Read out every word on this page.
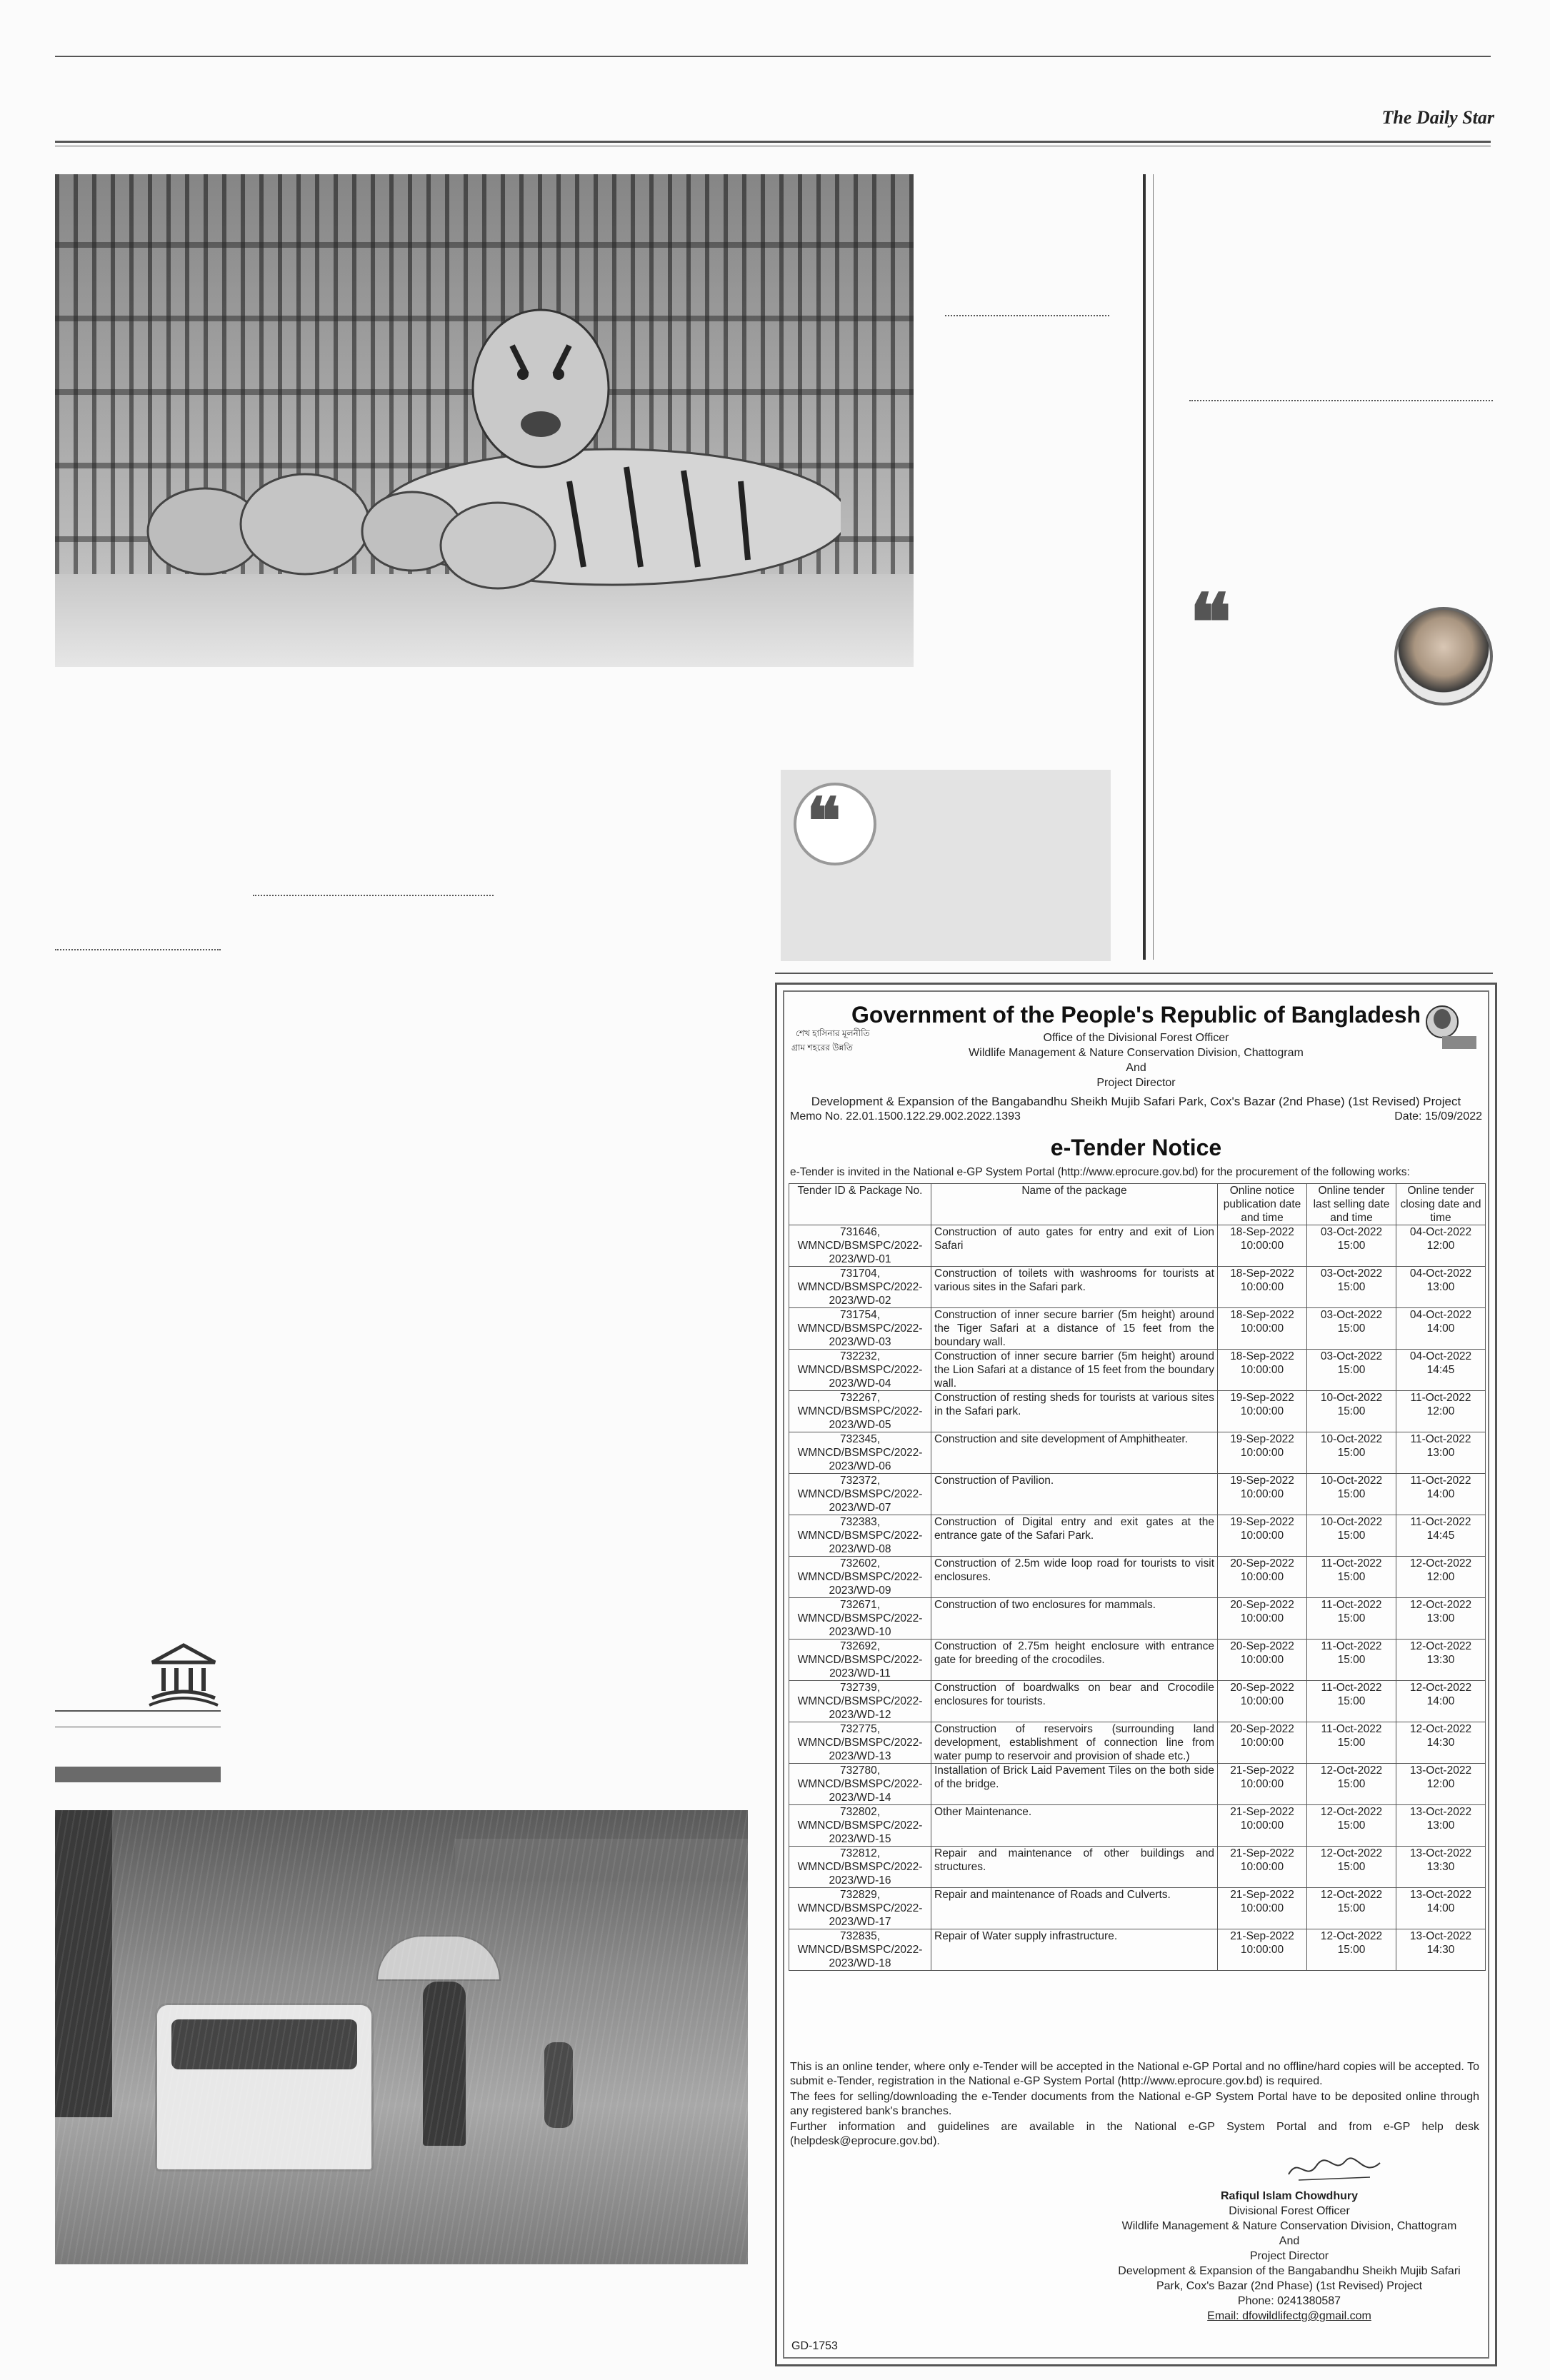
The Daily Star
❝
❝
শেখ হাসিনার মূলনীতি
গ্রাম শহরের উন্নতি
Government of the People's Republic of Bangladesh
Office of the Divisional Forest Officer
Wildlife Management & Nature Conservation Division, Chattogram
And
Project Director
Development & Expansion of the Bangabandhu Sheikh Mujib Safari Park, Cox's Bazar (2nd Phase) (1st Revised) Project
Memo No. 22.01.1500.122.29.002.2022.1393	Date: 15/09/2022
e-Tender Notice
e-Tender is invited in the National e-GP System Portal (http://www.eprocure.gov.bd) for the procurement of the following works:
Tender ID & Package No.	Name of the package	Online notice publication date and time	Online tender last selling date and time	Online tender closing date and time
731646, WMNCD/BSMSPC/2022-2023/WD-01	Construction of auto gates for entry and exit of Lion Safari	18-Sep-2022 10:00:00	03-Oct-2022 15:00	04-Oct-2022 12:00
731704, WMNCD/BSMSPC/2022-2023/WD-02	Construction of toilets with washrooms for tourists at various sites in the Safari park.	18-Sep-2022 10:00:00	03-Oct-2022 15:00	04-Oct-2022 13:00
731754, WMNCD/BSMSPC/2022-2023/WD-03	Construction of inner secure barrier (5m height) around the Tiger Safari at a distance of 15 feet from the boundary wall.	18-Sep-2022 10:00:00	03-Oct-2022 15:00	04-Oct-2022 14:00
732232, WMNCD/BSMSPC/2022-2023/WD-04	Construction of inner secure barrier (5m height) around the Lion Safari at a distance of 15 feet from the boundary wall.	18-Sep-2022 10:00:00	03-Oct-2022 15:00	04-Oct-2022 14:45
732267, WMNCD/BSMSPC/2022-2023/WD-05	Construction of resting sheds for tourists at various sites in the Safari park.	19-Sep-2022 10:00:00	10-Oct-2022 15:00	11-Oct-2022 12:00
732345, WMNCD/BSMSPC/2022-2023/WD-06	Construction and site development of Amphitheater.	19-Sep-2022 10:00:00	10-Oct-2022 15:00	11-Oct-2022 13:00
732372, WMNCD/BSMSPC/2022-2023/WD-07	Construction of Pavilion.	19-Sep-2022 10:00:00	10-Oct-2022 15:00	11-Oct-2022 14:00
732383, WMNCD/BSMSPC/2022-2023/WD-08	Construction of Digital entry and exit gates at the entrance gate of the Safari Park.	19-Sep-2022 10:00:00	10-Oct-2022 15:00	11-Oct-2022 14:45
732602, WMNCD/BSMSPC/2022-2023/WD-09	Construction of 2.5m wide loop road for tourists to visit enclosures.	20-Sep-2022 10:00:00	11-Oct-2022 15:00	12-Oct-2022 12:00
732671, WMNCD/BSMSPC/2022-2023/WD-10	Construction of two enclosures for mammals.	20-Sep-2022 10:00:00	11-Oct-2022 15:00	12-Oct-2022 13:00
732692, WMNCD/BSMSPC/2022-2023/WD-11	Construction of 2.75m height enclosure with entrance gate for breeding of the crocodiles.	20-Sep-2022 10:00:00	11-Oct-2022 15:00	12-Oct-2022 13:30
732739, WMNCD/BSMSPC/2022-2023/WD-12	Construction of boardwalks on bear and Crocodile enclosures for tourists.	20-Sep-2022 10:00:00	11-Oct-2022 15:00	12-Oct-2022 14:00
732775, WMNCD/BSMSPC/2022-2023/WD-13	Construction of reservoirs (surrounding land development, establishment of connection line from water pump to reservoir and provision of shade etc.)	20-Sep-2022 10:00:00	11-Oct-2022 15:00	12-Oct-2022 14:30
732780, WMNCD/BSMSPC/2022-2023/WD-14	Installation of Brick Laid Pavement Tiles on the both side of the bridge.	21-Sep-2022 10:00:00	12-Oct-2022 15:00	13-Oct-2022 12:00
732802, WMNCD/BSMSPC/2022-2023/WD-15	Other Maintenance.	21-Sep-2022 10:00:00	12-Oct-2022 15:00	13-Oct-2022 13:00
732812, WMNCD/BSMSPC/2022-2023/WD-16	Repair and maintenance of other buildings and structures.	21-Sep-2022 10:00:00	12-Oct-2022 15:00	13-Oct-2022 13:30
732829, WMNCD/BSMSPC/2022-2023/WD-17	Repair and maintenance of Roads and Culverts.	21-Sep-2022 10:00:00	12-Oct-2022 15:00	13-Oct-2022 14:00
732835, WMNCD/BSMSPC/2022-2023/WD-18	Repair of Water supply infrastructure.	21-Sep-2022 10:00:00	12-Oct-2022 15:00	13-Oct-2022 14:30
This is an online tender, where only e-Tender will be accepted in the National e-GP Portal and no offline/hard copies will be accepted. To submit e-Tender, registration in the National e-GP System Portal (http://www.eprocure.gov.bd) is required.
The fees for selling/downloading the e-Tender documents from the National e-GP System Portal have to be deposited online through any registered bank's branches.
Further information and guidelines are available in the National e-GP System Portal and from e-GP help desk (helpdesk@eprocure.gov.bd).
Rafiqul Islam Chowdhury
Divisional Forest Officer
Wildlife Management & Nature Conservation Division, Chattogram
And
Project Director
Development & Expansion of the Bangabandhu Sheikh Mujib Safari Park, Cox's Bazar (2nd Phase) (1st Revised) Project
Phone: 0241380587
Email: dfowildlifectg@gmail.com
GD-1753
